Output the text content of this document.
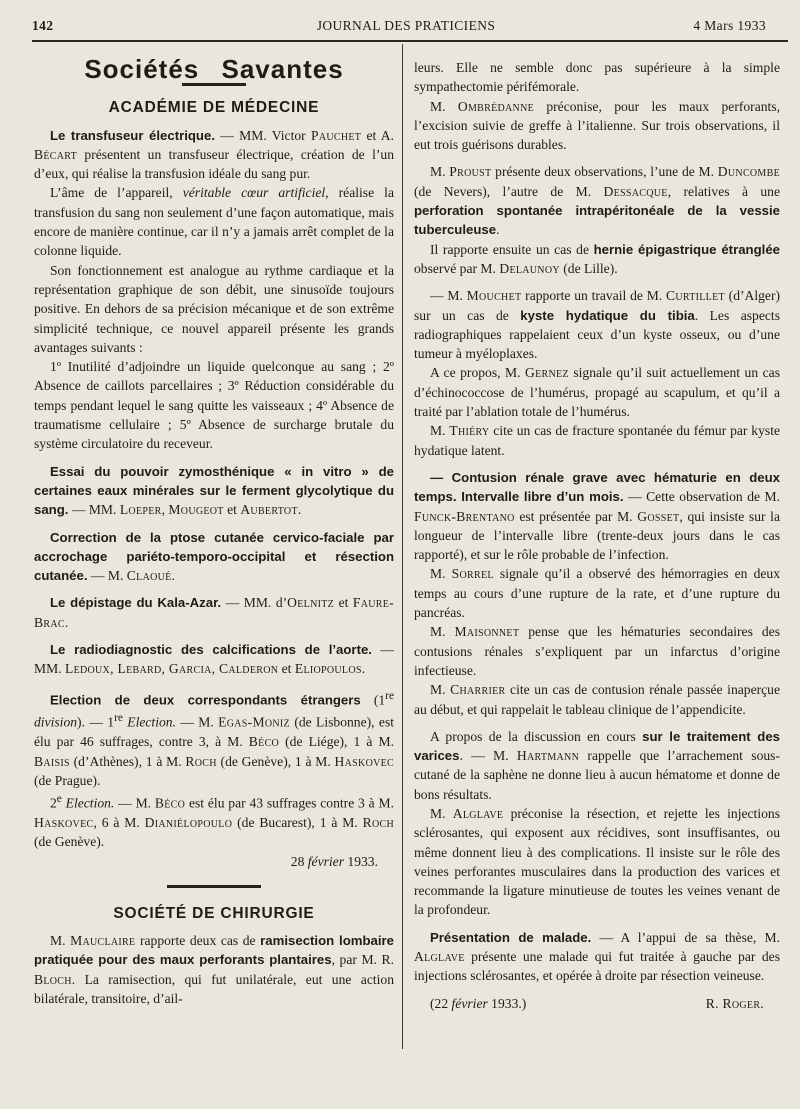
142	JOURNAL DES PRATICIENS	4 Mars 1933
Sociétés Savantes
ACADÉMIE DE MÉDECINE

Le transfuseur électrique. — MM. Victor Pauchet et A. Bécart présentent un transfuseur électrique, création de l’un d’eux, qui réalise la transfusion idéale du sang pur.

L’âme de l’appareil, véritable cœur artificiel, réalise la transfusion du sang non seulement d’une façon automatique, mais encore de manière continue, car il n’y a jamais arrêt complet de la colonne liquide.

Son fonctionnement est analogue au rythme cardiaque et la représentation graphique de son débit, une sinusoïde toujours positive. En dehors de sa précision mécanique et de son extrême simplicité technique, ce nouvel appareil présente les grands avantages suivants :

1º Inutilité d’adjoindre un liquide quelconque au sang ; 2º Absence de caillots parcellaires ; 3º Réduction considérable du temps pendant lequel le sang quitte les vaisseaux ; 4º Absence de traumatisme cellulaire ; 5º Absence de surcharge brutale du système circulatoire du receveur.

Essai du pouvoir zymosthénique « in vitro » de certaines eaux minérales sur le ferment glycolytique du sang. — MM. Loeper, Mougeot et Aubertot.

Correction de la ptose cutanée cervico-faciale par accrochage pariéto-temporo-occipital et résection cutanée. — M. Claoué.

Le dépistage du Kala-Azar. — MM. d’Oelnitz et Faure-Brac.

Le radiodiagnostic des calcifications de l’aorte. — MM. Ledoux, Lebard, Garcia, Calderon et Eliopoulos.

Election de deux correspondants étrangers (1re division). — 1re Election. — M. Egas-Moniz (de Lisbonne), est élu par 46 suffrages, contre 3, à M. Béco (de Liége), 1 à M. Baisis (d’Athènes), 1 à M. Roch (de Genève), 1 à M. Haskovec (de Prague).

2e Election. — M. Béco est élu par 43 suffrages contre 3 à M. Haskovec, 6 à M. Dianiélopoulo (de Bucarest), 1 à M. Roch (de Genève).

28 février 1933.

SOCIÉTÉ DE CHIRURGIE

M. Mauclaire rapporte deux cas de ramisection lombaire pratiquée pour des maux perforants plantaires, par M. R. Bloch. La ramisection, qui fut unilatérale, eut une action bilatérale, transitoire, d’ail-

leurs. Elle ne semble donc pas supérieure à la simple sympathectomie périfémorale.

M. Ombrédanne préconise, pour les maux perforants, l’excision suivie de greffe à l’italienne. Sur trois observations, il eut trois guérisons durables.

M. Proust présente deux observations, l’une de M. Duncombe (de Nevers), l’autre de M. Dessacque, relatives à une perforation spontanée intrapéritonéale de la vessie tuberculeuse.

Il rapporte ensuite un cas de hernie épigastrique étranglée observé par M. Delaunoy (de Lille).

— M. Mouchet rapporte un travail de M. Curtillet (d’Alger) sur un cas de kyste hydatique du tibia. Les aspects radiographiques rappelaient ceux d’un kyste osseux, ou d’une tumeur à myéloplaxes.

A ce propos, M. Gernez signale qu’il suit actuellement un cas d’échinococcose de l’humérus, propagé au scapulum, et qu’il a traité par l’ablation totale de l’humérus.

M. Thiéry cite un cas de fracture spontanée du fémur par kyste hydatique latent.

— Contusion rénale grave avec hématurie en deux temps. Intervalle libre d’un mois. — Cette observation de M. Funck-Brentano est présentée par M. Gosset, qui insiste sur la longueur de l’intervalle libre (trente-deux jours dans le cas rapporté), et sur le rôle probable de l’infection.

M. Sorrel signale qu’il a observé des hémorragies en deux temps au cours d’une rupture de la rate, et d’une rupture du pancréas.

M. Maisonnet pense que les hématuries secondaires des contusions rénales s’expliquent par un infarctus d’origine infectieuse.

M. Charrier cite un cas de contusion rénale passée inaperçue au début, et qui rappelait le tableau clinique de l’appendicite.

A propos de la discussion en cours sur le traitement des varices. — M. Hartmann rappelle que l’arrachement sous-cutané de la saphène ne donne lieu à aucun hématome et donne de bons résultats.

M. Alglave préconise la résection, et rejette les injections sclérosantes, qui exposent aux récidives, sont insuffisantes, ou même donnent lieu à des complications. Il insiste sur le rôle des veines perforantes musculaires dans la production des varices et recommande la ligature minutieuse de toutes les veines venant de la profondeur.

Présentation de malade. — A l’appui de sa thèse, M. Alglave présente une malade qui fut traitée à gauche par des injections sclérosantes, et opérée à droite par résection veineuse.

(22 février 1933.)	R. Roger.
